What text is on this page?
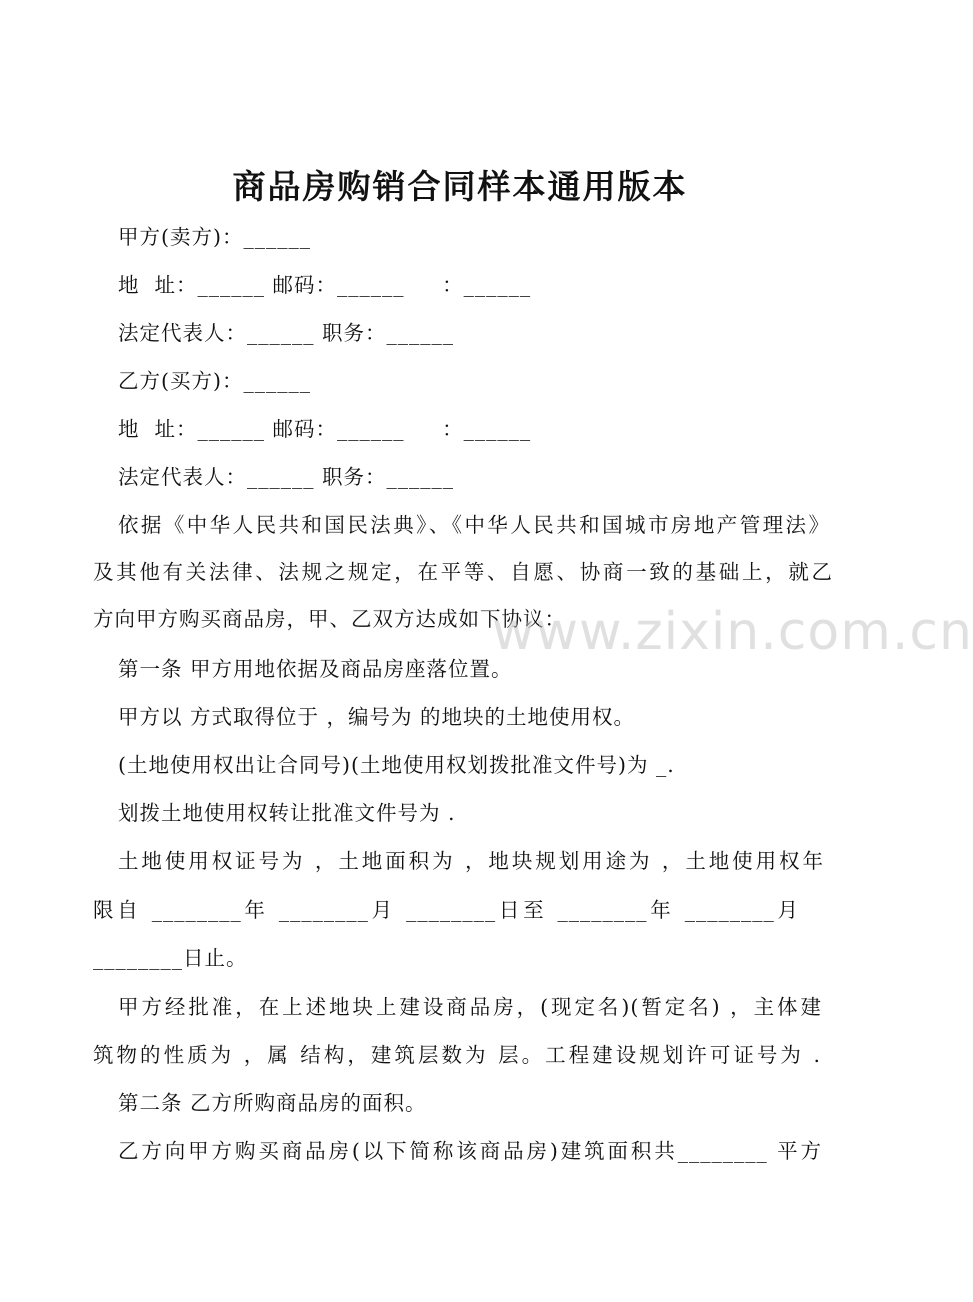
商品房购销合同样本通用版本
甲方(卖方)：______
地  址：______ 邮码：______     ：______
法定代表人：______ 职务：______
乙方(买方)：______
地  址：______ 邮码：______     ：______
法定代表人：______ 职务：______
依据《中华人民共和国民法典》、《中华人民共和国城市房地产管理法》
及其他有关法律、法规之规定，在平等、自愿、协商一致的基础上，就乙
方向甲方购买商品房，甲、乙双方达成如下协议：
第一条 甲方用地依据及商品房座落位置。
甲方以 方式取得位于 ，编号为 的地块的土地使用权。
(土地使用权出让合同号)(土地使用权划拨批准文件号)为 _.
划拨土地使用权转让批准文件号为 .
土地使用权证号为 ，土地面积为 ，地块规划用途为 ，土地使用权年
限自 ________年 ________月 ________日至 ________年 ________月
________日止。
甲方经批准，在上述地块上建设商品房，(现定名)(暂定名) ，主体建
筑物的性质为 ，属 结构，建筑层数为 层。工程建设规划许可证号为 .
第二条 乙方所购商品房的面积。
乙方向甲方购买商品房(以下简称该商品房)建筑面积共________ 平方
www.zixin.com.cn
